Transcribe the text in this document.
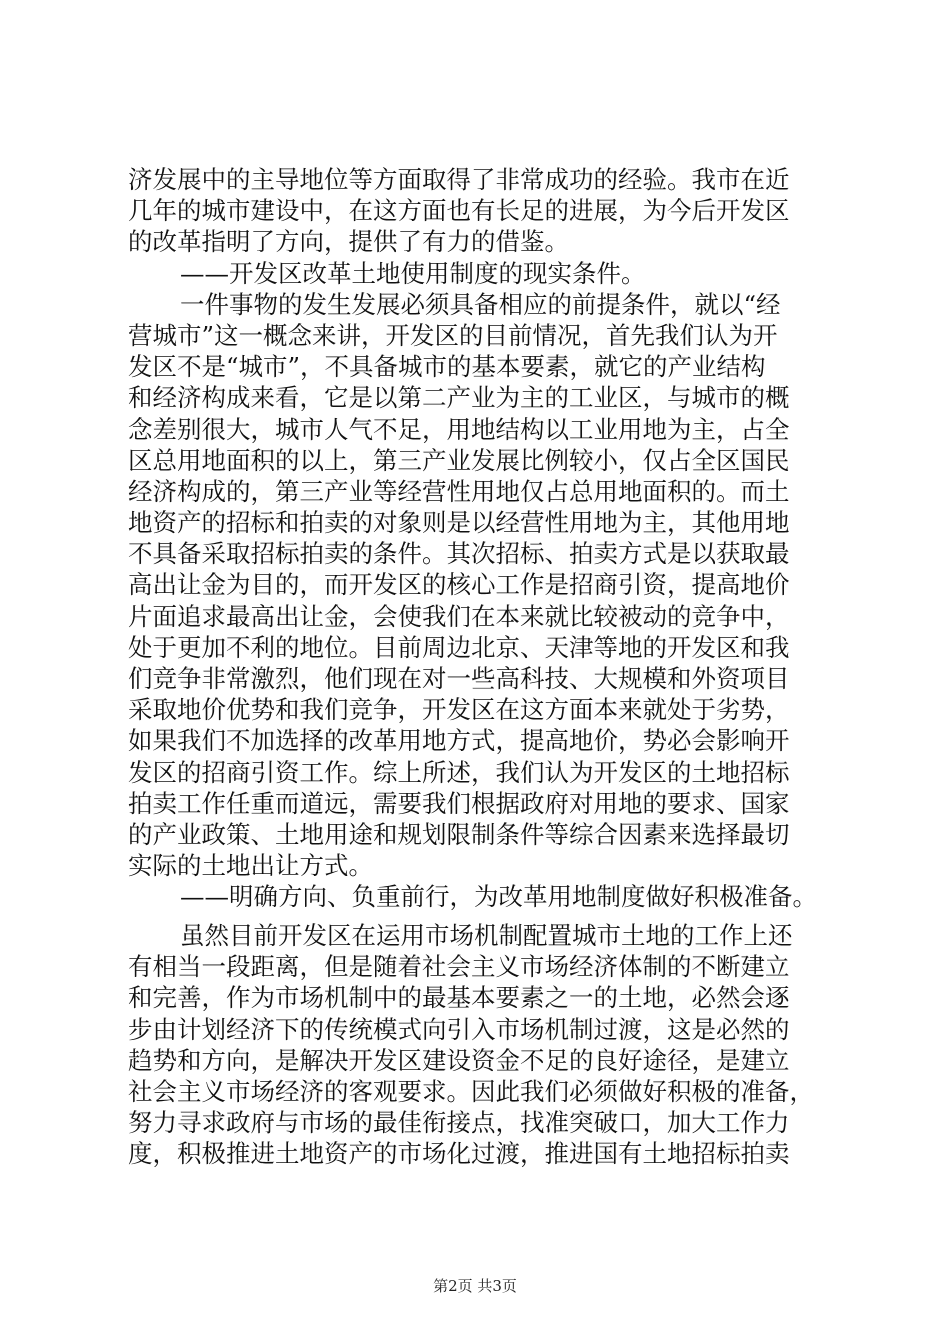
济发展中的主导地位等方面取得了非常成功的经验。我市在近
几年的城市建设中，在这方面也有长足的进展，为今后开发区
的改革指明了方向，提供了有力的借鉴。
——开发区改革土地使用制度的现实条件。
一件事物的发生发展必须具备相应的前提条件，就以“经
营城市”这一概念来讲，开发区的目前情况，首先我们认为开
发区不是“城市”，不具备城市的基本要素，就它的产业结构
和经济构成来看，它是以第二产业为主的工业区，与城市的概
念差别很大，城市人气不足，用地结构以工业用地为主，占全
区总用地面积的以上，第三产业发展比例较小，仅占全区国民
经济构成的，第三产业等经营性用地仅占总用地面积的。而土
地资产的招标和拍卖的对象则是以经营性用地为主，其他用地
不具备采取招标拍卖的条件。其次招标、拍卖方式是以获取最
高出让金为目的，而开发区的核心工作是招商引资，提高地价
片面追求最高出让金，会使我们在本来就比较被动的竞争中，
处于更加不利的地位。目前周边北京、天津等地的开发区和我
们竞争非常激烈，他们现在对一些高科技、大规模和外资项目
采取地价优势和我们竞争，开发区在这方面本来就处于劣势，
如果我们不加选择的改革用地方式，提高地价，势必会影响开
发区的招商引资工作。综上所述，我们认为开发区的土地招标
拍卖工作任重而道远，需要我们根据政府对用地的要求、国家
的产业政策、土地用途和规划限制条件等综合因素来选择最切
实际的土地出让方式。
——明确方向、负重前行，为改革用地制度做好积极准备。
虽然目前开发区在运用市场机制配置城市土地的工作上还
有相当一段距离，但是随着社会主义市场经济体制的不断建立
和完善，作为市场机制中的最基本要素之一的土地，必然会逐
步由计划经济下的传统模式向引入市场机制过渡，这是必然的
趋势和方向，是解决开发区建设资金不足的良好途径，是建立
社会主义市场经济的客观要求。因此我们必须做好积极的准备，
努力寻求政府与市场的最佳衔接点，找准突破口，加大工作力
度，积极推进土地资产的市场化过渡，推进国有土地招标拍卖
第2页 共3页
